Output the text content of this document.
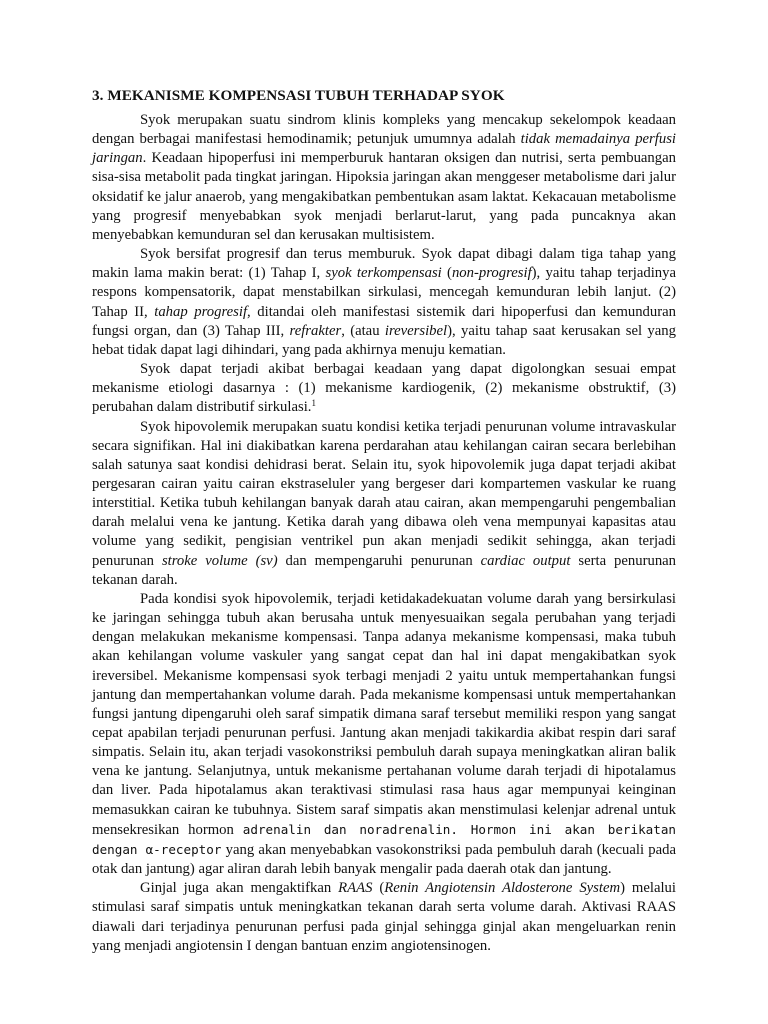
3. MEKANISME KOMPENSASI TUBUH TERHADAP SYOK

Syok merupakan suatu sindrom klinis kompleks yang mencakup sekelompok keadaan dengan berbagai manifestasi hemodinamik; petunjuk umumnya adalah tidak memadainya perfusi jaringan. Keadaan hipoperfusi ini memperburuk hantaran oksigen dan nutrisi, serta pembuangan sisa-sisa metabolit pada tingkat jaringan. Hipoksia jaringan akan menggeser metabolisme dari jalur oksidatif ke jalur anaerob, yang mengakibatkan pembentukan asam laktat. Kekacauan metabolisme yang progresif menyebabkan syok menjadi berlarut-larut, yang pada puncaknya akan menyebabkan kemunduran sel dan kerusakan multisistem.

Syok bersifat progresif dan terus memburuk. Syok dapat dibagi dalam tiga tahap yang makin lama makin berat: (1) Tahap I, syok terkompensasi (non-progresif), yaitu tahap terjadinya respons kompensatorik, dapat menstabilkan sirkulasi, mencegah kemunduran lebih lanjut. (2) Tahap II, tahap progresif, ditandai oleh manifestasi sistemik dari hipoperfusi dan kemunduran fungsi organ, dan (3) Tahap III, refrakter, (atau ireversibel), yaitu tahap saat kerusakan sel yang hebat tidak dapat lagi dihindari, yang pada akhirnya menuju kematian.

Syok dapat terjadi akibat berbagai keadaan yang dapat digolongkan sesuai empat mekanisme etiologi dasarnya : (1) mekanisme kardiogenik, (2) mekanisme obstruktif, (3) perubahan dalam distributif sirkulasi.$^1$

Syok hipovolemik merupakan suatu kondisi ketika terjadi penurunan volume intravaskular secara signifikan. Hal ini diakibatkan karena perdarahan atau kehilangan cairan secara berlebihan salah satunya saat kondisi dehidrasi berat. Selain itu, syok hipovolemik juga dapat terjadi akibat pergesaran cairan yaitu cairan ekstraseluler yang bergeser dari kompartemen vaskular ke ruang interstitial. Ketika tubuh kehilangan banyak darah atau cairan, akan mempengaruhi pengembalian darah melalui vena ke jantung. Ketika darah yang dibawa oleh vena mempunyai kapasitas atau volume yang sedikit, pengisian ventrikel pun akan menjadi sedikit sehingga, akan terjadi penurunan stroke volume (sv) dan mempengaruhi penurunan cardiac output serta penurunan tekanan darah.

Pada kondisi syok hipovolemik, terjadi ketidakadekuatan volume darah yang bersirkulasi ke jaringan sehingga tubuh akan berusaha untuk menyesuaikan segala perubahan yang terjadi dengan melakukan mekanisme kompensasi. Tanpa adanya mekanisme kompensasi, maka tubuh akan kehilangan volume vaskuler yang sangat cepat dan hal ini dapat mengakibatkan syok ireversibel. Mekanisme kompensasi syok terbagi menjadi 2 yaitu untuk mempertahankan fungsi jantung dan mempertahankan volume darah. Pada mekanisme kompensasi untuk mempertahankan fungsi jantung dipengaruhi oleh saraf simpatik dimana saraf tersebut memiliki respon yang sangat cepat apabilan terjadi penurunan perfusi. Jantung akan menjadi takikardia akibat respin dari saraf simpatis. Selain itu, akan terjadi vasokonstriksi pembuluh darah supaya meningkatkan aliran balik vena ke jantung. Selanjutnya, untuk mekanisme pertahanan volume darah terjadi di hipotalamus dan liver. Pada hipotalamus akan teraktivasi stimulasi rasa haus agar mempunyai keinginan memasukkan cairan ke tubuhnya. Sistem saraf simpatis akan menstimulasi kelenjar adrenal untuk mensekresikan hormon adrenalin dan noradrenalin. Hormon ini akan berikatan dengan α-receptor yang akan menyebabkan vasokonstriksi pada pembuluh darah (kecuali pada otak dan jantung) agar aliran darah lebih banyak mengalir pada daerah otak dan jantung.

Ginjal juga akan mengaktifkan RAAS (Renin Angiotensin Aldosterone System) melalui stimulasi saraf simpatis untuk meningkatkan tekanan darah serta volume darah. Aktivasi RAAS diawali dari terjadinya penurunan perfusi pada ginjal sehingga ginjal akan mengeluarkan renin yang menjadi angiotensin I dengan bantuan enzim angiotensinogen.
